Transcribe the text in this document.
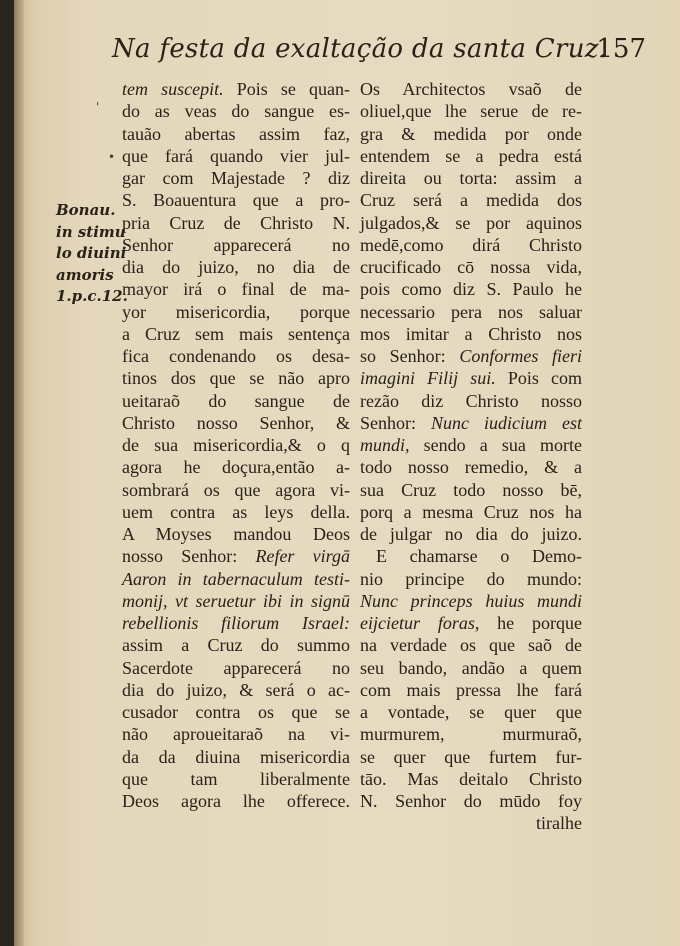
Na festa da exaltação da santa Cruz.
157
'
•
Bonau.
in stimu
lo diuini
amoris
1.p.c.12.
tem suscepit. Pois se quan-
do as veas do sangue es-
tauão abertas assim faz,
que fará quando vier jul-
gar com Majestade ? diz
S. Boauentura que a pro-
pria Cruz de Christo N.
Senhor apparecerá no
dia do juizo, no dia de
mayor irá o final de ma-
yor misericordia, porque
a Cruz sem mais sentença
fica condenando os desa-
tinos dos que se não apro
ueitaraõ do sangue de
Christo nosso Senhor, &
de sua misericordia,& o q
agora he doçura,então a-
sombrará os que agora vi-
uem contra as leys della.
A Moyses mandou Deos
nosso Senhor: Refer virgā
Aaron in tabernaculum testi-
monij, vt seruetur ibi in signū
rebellionis filiorum Israel:
assim a Cruz do summo
Sacerdote apparecerá no
dia do juizo, & será o ac-
cusador contra os que se
não aproueitaraõ na vi-
da da diuina misericordia
que tam liberalmente
Deos agora lhe offerece.
Os Architectos vsaõ de
oliuel,que lhe serue de re-
gra & medida por onde
entendem se a pedra está
direita ou torta: assim a
Cruz será a medida dos
julgados,& se por aquinos
medē,como dirá Christo
crucificado cō nossa vida,
pois como diz S. Paulo he
necessario pera nos saluar
mos imitar a Christo nos
so Senhor: Conformes fieri
imagini Filij sui. Pois com
rezão diz Christo nosso
Senhor: Nunc iudicium est
mundi, sendo a sua morte
todo nosso remedio, & a
sua Cruz todo nosso bē,
porq a mesma Cruz nos ha
de julgar no dia do juizo.
E chamarse o Demo-
nio principe do mundo:
Nunc princeps huius mundi
eijcietur foras, he porque
na verdade os que saõ de
seu bando, andão a quem
com mais pressa lhe fará
a vontade, se quer que
murmurem, murmuraõ,
se quer que furtem fur-
tāo. Mas deitalo Christo
N. Senhor do mūdo foy
tiralhe
